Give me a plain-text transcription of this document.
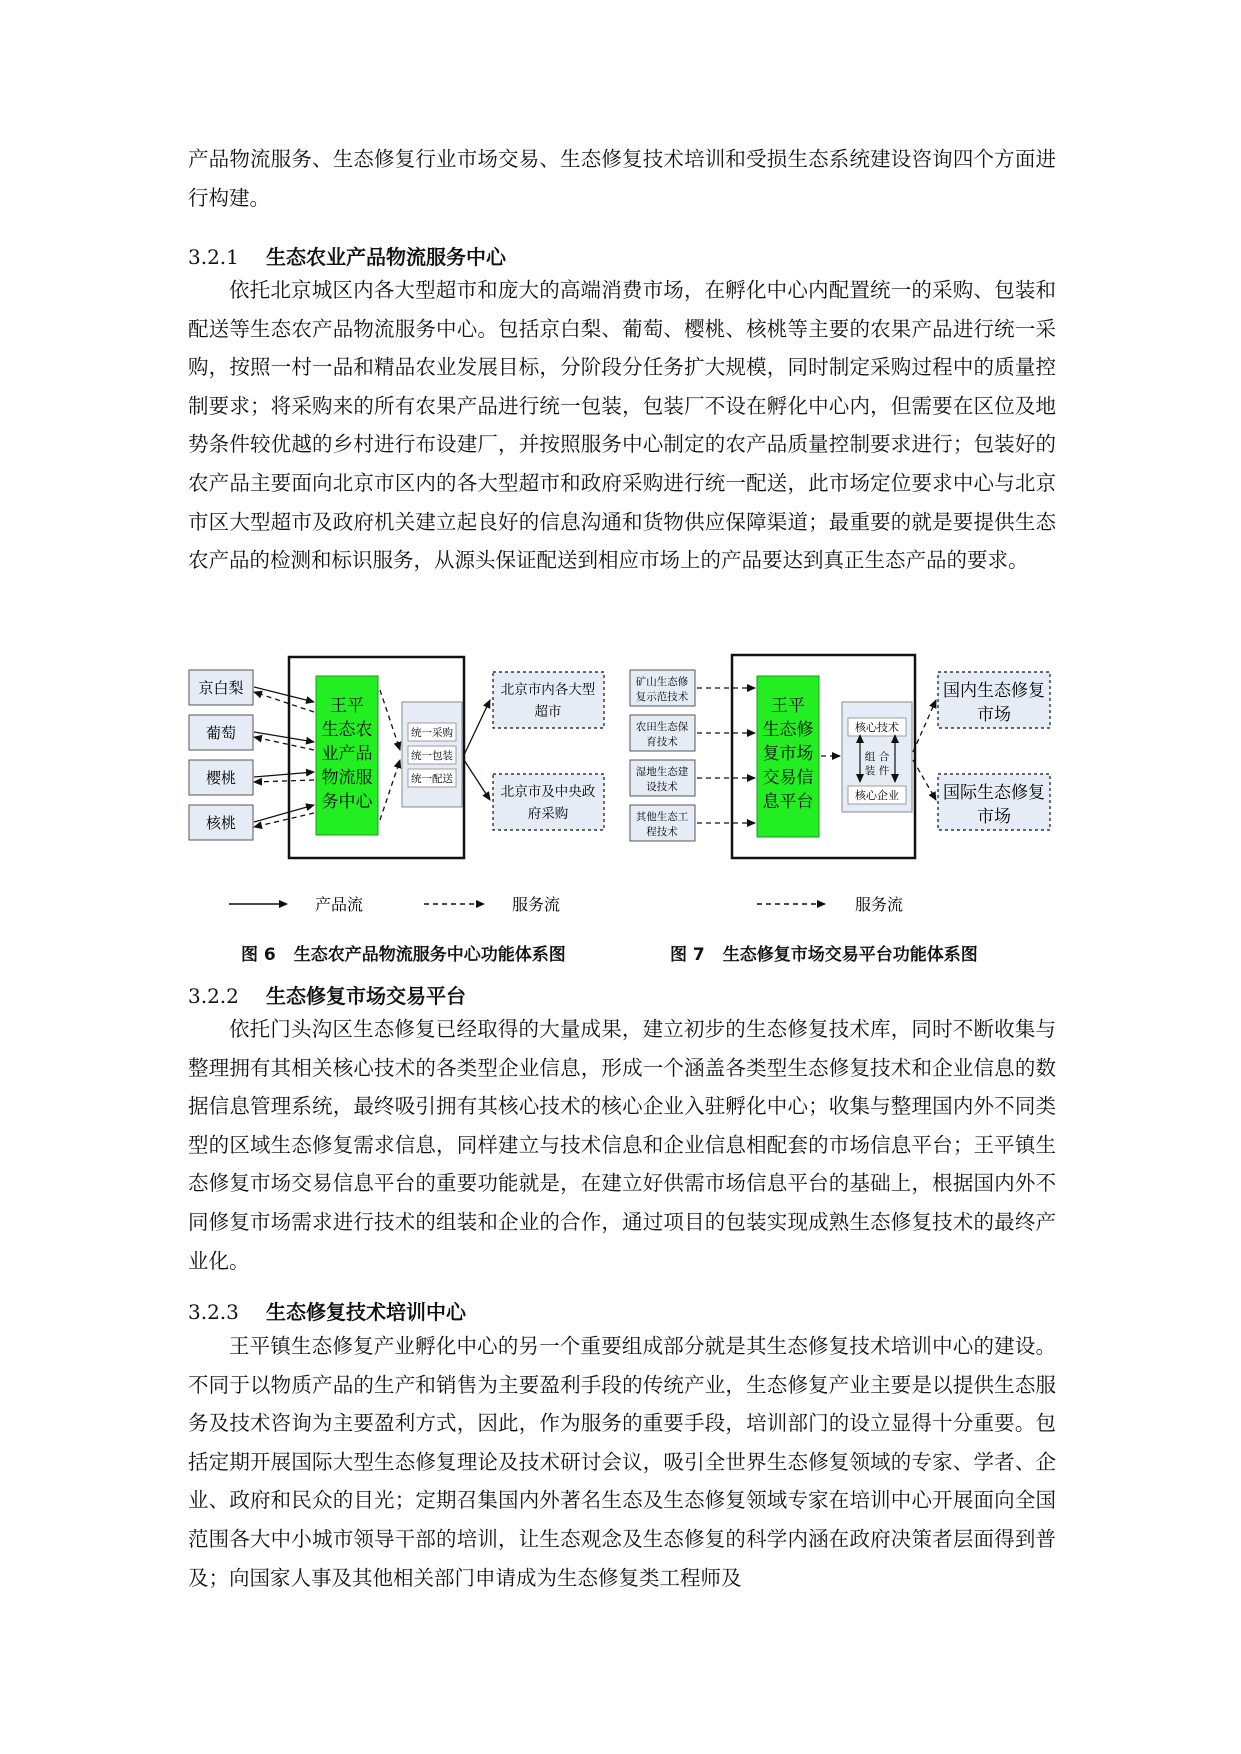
产品物流服务、生态修复行业市场交易、生态修复技术培训和受损生态系统建设咨询四个方面进行构建。

3.2.1 生态农业产品物流服务中心

依托北京城区内各大型超市和庞大的高端消费市场，在孵化中心内配置统一的采购、包装和配送等生态农产品物流服务中心。包括京白梨、葡萄、樱桃、核桃等主要的农果产品进行统一采购，按照一村一品和精品农业发展目标，分阶段分任务扩大规模，同时制定采购过程中的质量控制要求；将采购来的所有农果产品进行统一包装，包装厂不设在孵化中心内，但需要在区位及地势条件较优越的乡村进行布设建厂，并按照服务中心制定的农产品质量控制要求进行；包装好的农产品主要面向北京市区内的各大型超市和政府采购进行统一配送，此市场定位要求中心与北京市区大型超市及政府机关建立起良好的信息沟通和货物供应保障渠道；最重要的就是要提供生态农产品的检测和标识服务，从源头保证配送到相应市场上的产品要达到真正生态产品的要求。

京白梨
葡萄
樱桃
核桃
王平
生态农
业产品
物流服
务中心
统一采购
统一包装
统一配送
北京市内各大型
超市
北京市及中央政
府采购
产品流	服务流
矿山生态修
复示范技术
农田生态保
育技术
湿地生态建
设技术
其他生态工
程技术
王平
生态修
复市场
交易信
息平台
核心技术
组 合
装 件
核心企业
国内生态修复
市场
国际生态修复
市场
服务流
图 6 生态农产品物流服务中心功能体系图	图 7 生态修复市场交易平台功能体系图
3.2.2 生态修复市场交易平台

依托门头沟区生态修复已经取得的大量成果，建立初步的生态修复技术库，同时不断收集与整理拥有其相关核心技术的各类型企业信息，形成一个涵盖各类型生态修复技术和企业信息的数据信息管理系统，最终吸引拥有其核心技术的核心企业入驻孵化中心；收集与整理国内外不同类型的区域生态修复需求信息，同样建立与技术信息和企业信息相配套的市场信息平台；王平镇生态修复市场交易信息平台的重要功能就是，在建立好供需市场信息平台的基础上，根据国内外不同修复市场需求进行技术的组装和企业的合作，通过项目的包装实现成熟生态修复技术的最终产业化。

3.2.3 生态修复技术培训中心

王平镇生态修复产业孵化中心的另一个重要组成部分就是其生态修复技术培训中心的建设。不同于以物质产品的生产和销售为主要盈利手段的传统产业，生态修复产业主要是以提供生态服务及技术咨询为主要盈利方式，因此，作为服务的重要手段，培训部门的设立显得十分重要。包括定期开展国际大型生态修复理论及技术研讨会议，吸引全世界生态修复领域的专家、学者、企业、政府和民众的目光；定期召集国内外著名生态及生态修复领域专家在培训中心开展面向全国范围各大中小城市领导干部的培训，让生态观念及生态修复的科学内涵在政府决策者层面得到普及；向国家人事及其他相关部门申请成为生态修复类工程师及
